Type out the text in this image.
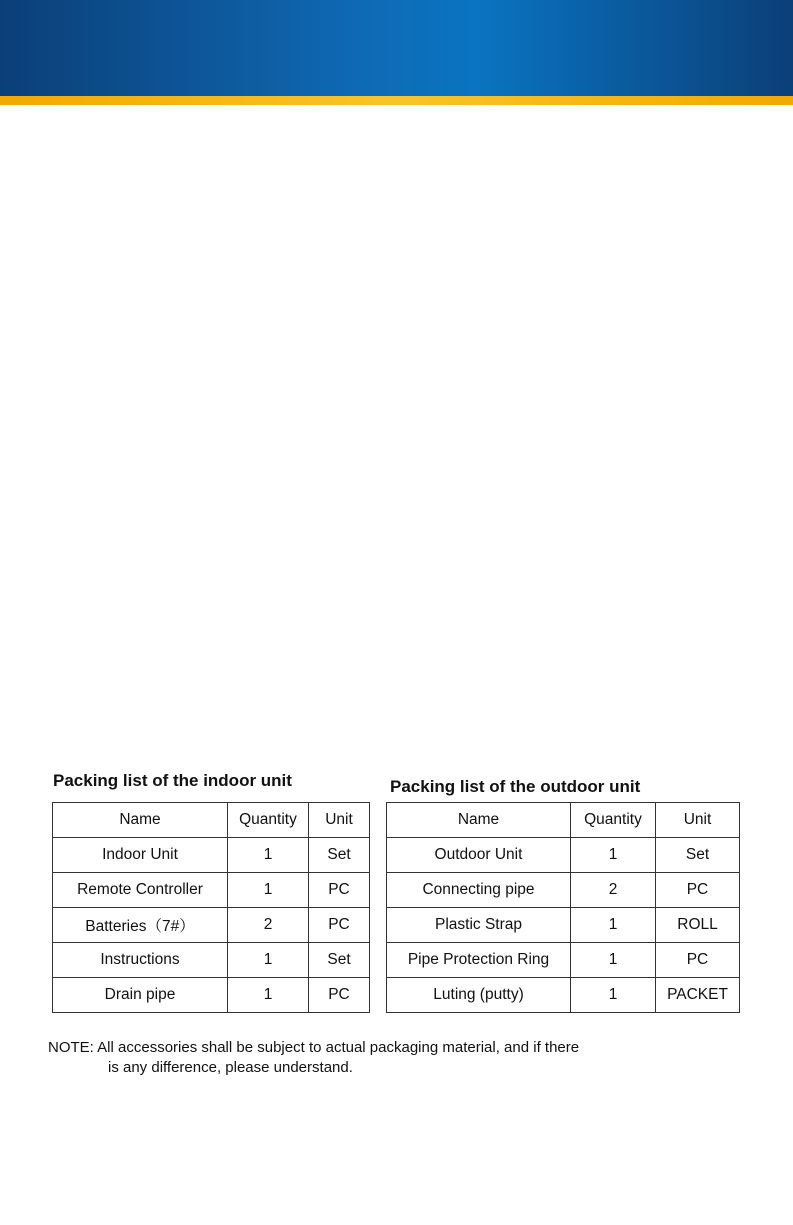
Packing list of the indoor unit
Name	Quantity	Unit
Indoor Unit	1	Set
Remote Controller	1	PC
Batteries（7#）	2	PC
Instructions	1	Set
Drain pipe	1	PC
Packing list of the outdoor unit
Name	Quantity	Unit
Outdoor Unit	1	Set
Connecting pipe	2	PC
Plastic Strap	1	ROLL
Pipe Protection Ring	1	PC
Luting (putty)	1	PACKET
NOTE: All accessories shall be subject to actual packaging material, and if there
is any difference, please understand.
